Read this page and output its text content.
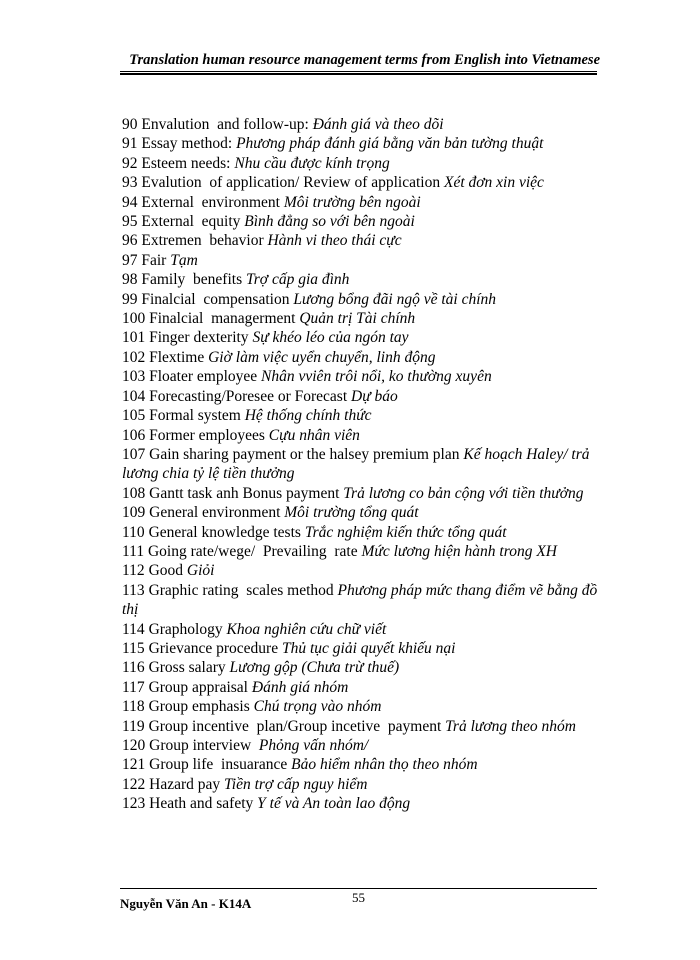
Translation human resource management terms from English into Vietnamese

90 Envalution  and follow-up: Đánh giá và theo dõi

91 Essay method: Phương pháp đánh giá bằng văn bản tường thuật

92 Esteem needs: Nhu cầu được kính trọng

93 Evalution  of application/ Review of application Xét đơn xin việc

94 External  environment Môi trường bên ngoài

95 External  equity Bình đẳng so với bên ngoài

96 Extremen  behavior Hành vi theo thái cực

97 Fair Tạm

98 Family  benefits Trợ cấp gia đình

99 Finalcial  compensation Lương bổng đãi ngộ về tài chính

100 Finalcial  managerment Quản trị Tài chính

101 Finger dexterity Sự khéo léo của ngón tay

102 Flextime Giờ làm việc uyển chuyển, linh động

103 Floater employee Nhân vviên trôi nổi, ko thường xuyên

104 Forecasting/Poresee or Forecast Dự báo

105 Formal system Hệ thống chính thức

106 Former employees Cựu nhân viên

107 Gain sharing payment or the halsey premium plan Kế hoạch Haley/ trả lương chia tỷ lệ tiền thưởng

108 Gantt task anh Bonus payment Trả lương co bản cộng với tiền thưởng

109 General environment Môi trường tổng quát

110 General knowledge tests Trắc nghiệm kiến thức tổng quát

111 Going rate/wege/  Prevailing  rate Mức lương hiện hành trong XH

112 Good Giỏi

113 Graphic rating  scales method Phương pháp mức thang điểm vẽ bằng đồ thị

114 Graphology Khoa nghiên cứu chữ viết

115 Grievance procedure Thủ tục giải quyết khiếu nại

116 Gross salary Lương gộp (Chưa trừ thuế)

117 Group appraisal Đánh giá nhóm

118 Group emphasis Chú trọng vào nhóm

119 Group incentive  plan/Group incetive  payment Trả lương theo nhóm

120 Group interview  Phỏng vấn nhóm/

121 Group life  insuarance Bảo hiểm nhân thọ theo nhóm

122 Hazard pay Tiền trợ cấp nguy hiểm

123 Heath and safety Y tế và An toàn lao động

Nguyễn Văn An - K14A	55
